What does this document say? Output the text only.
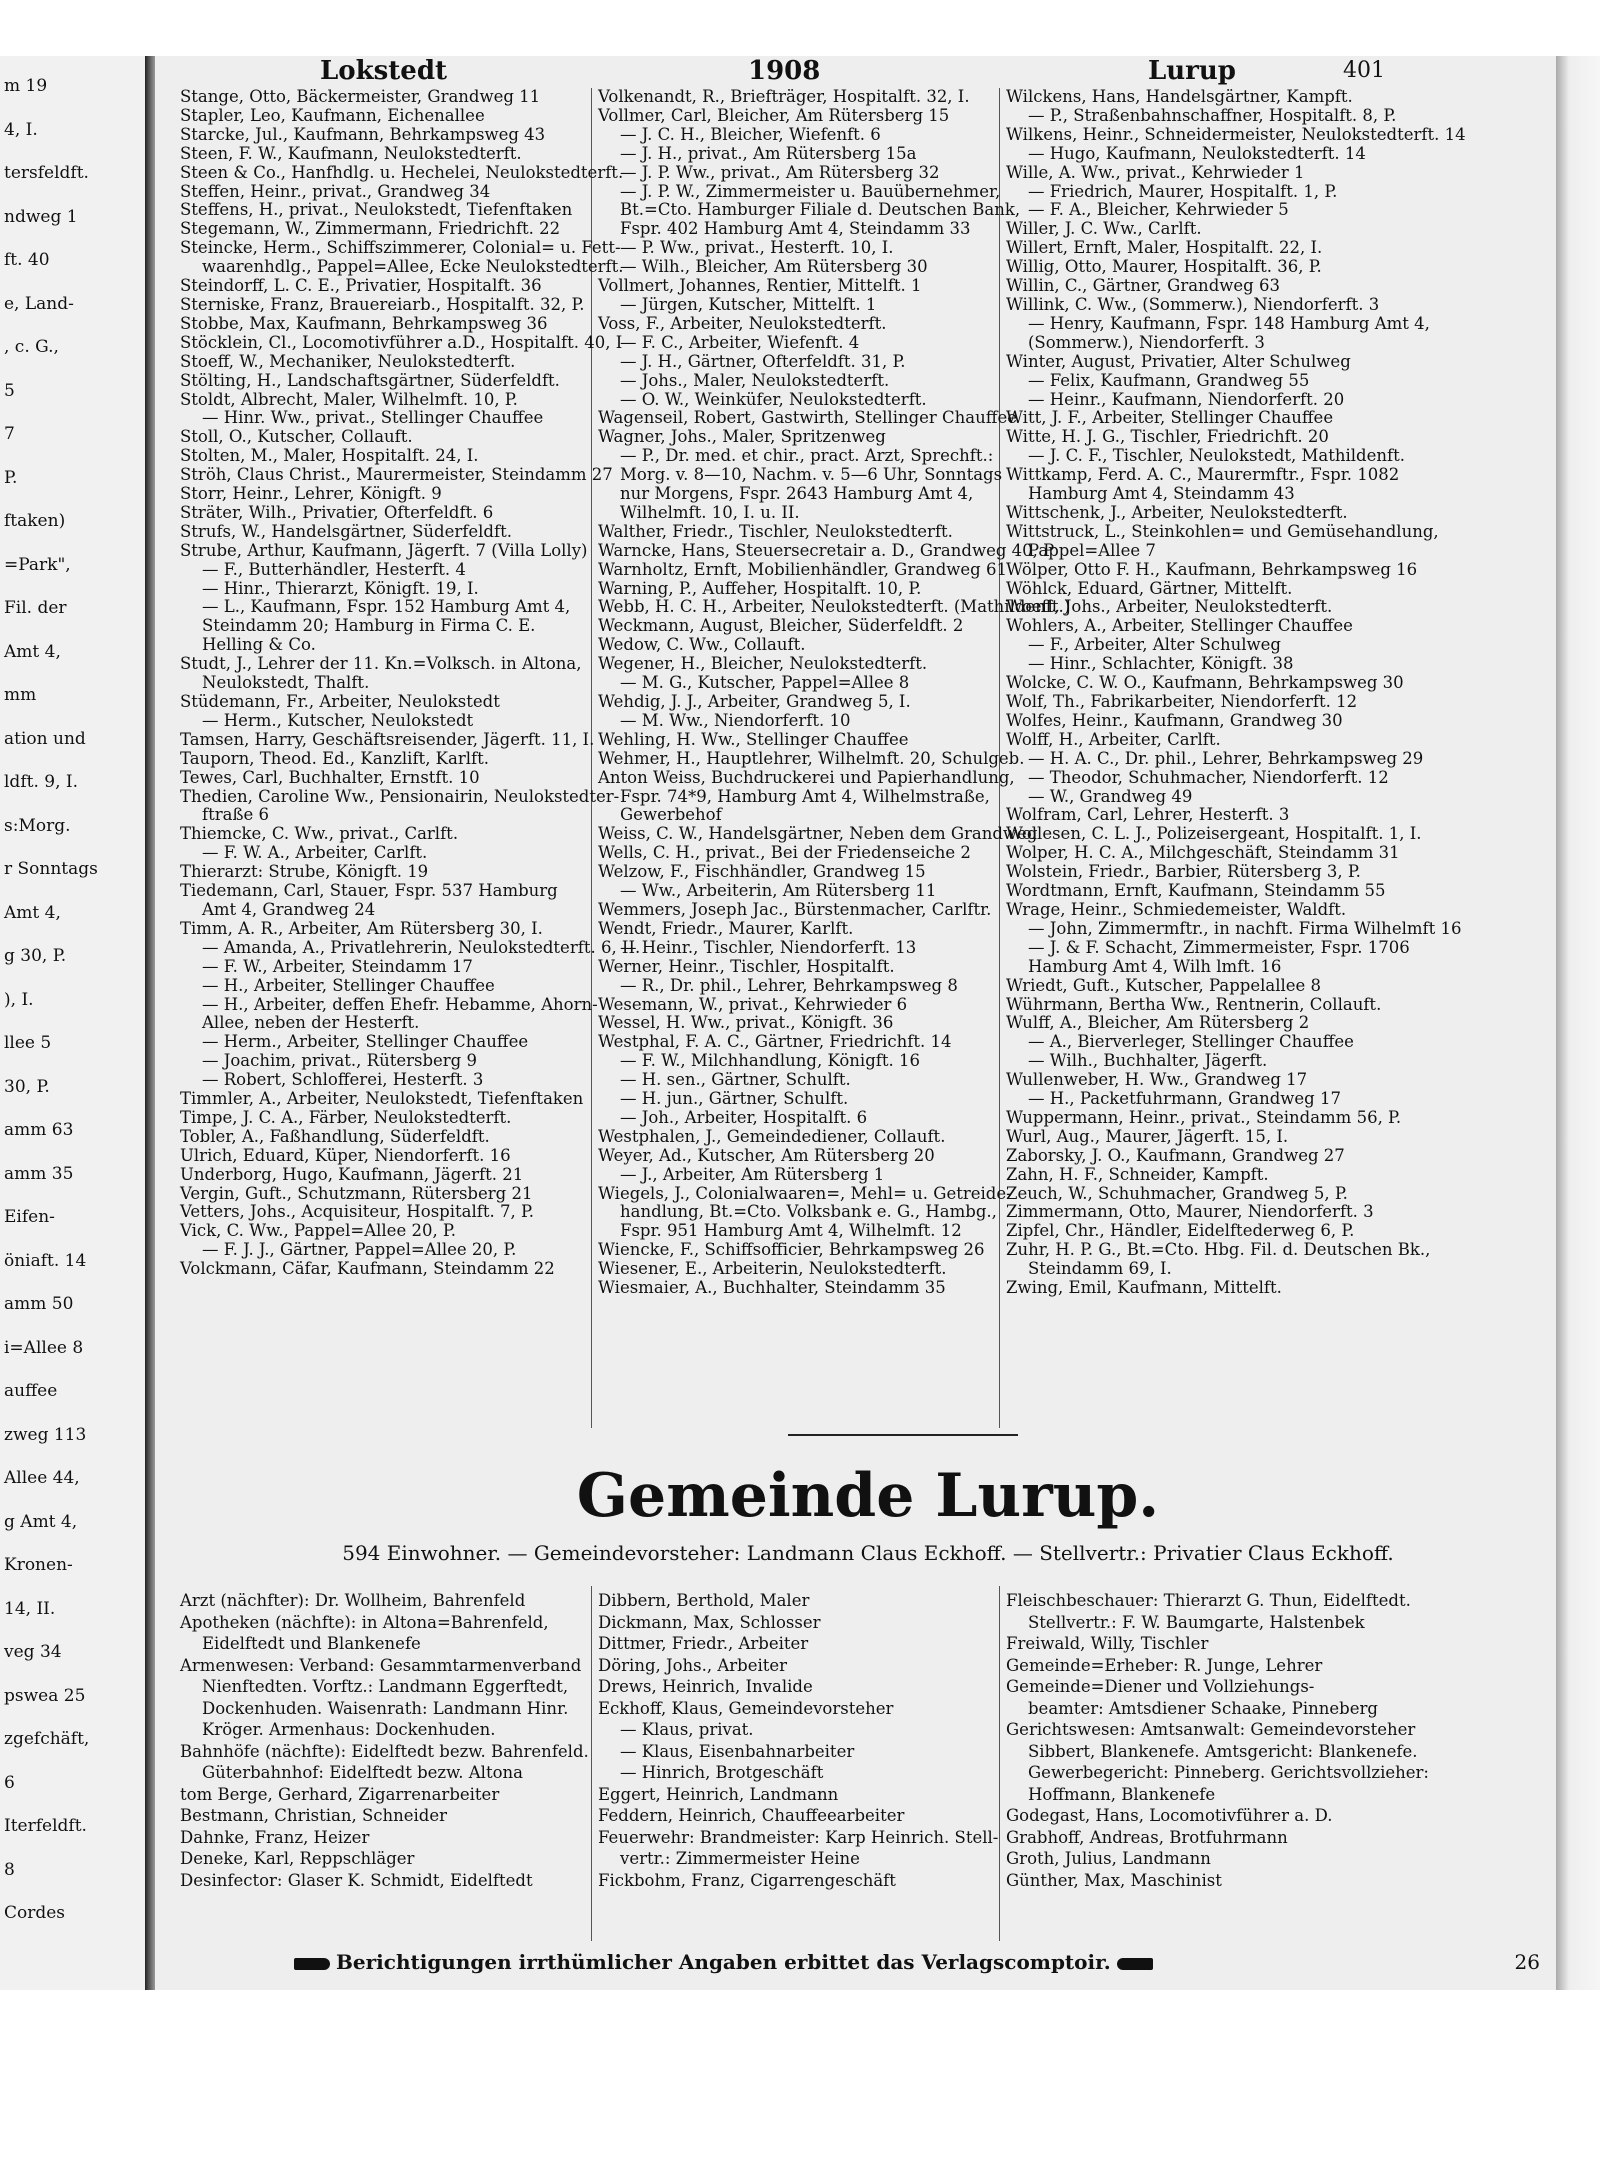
m 19
4, I.
tersfeldft.
ndweg 1
ft. 40
e, Land-
, c. G.,
5
7
P.
ftaken)
=Park",
Fil. der
Amt 4,
mm
ation und
ldft. 9, I.
s:Morg.
r Sonntags
Amt 4,
g 30, P.
), I.
llee 5
30, P.
amm 63
amm 35
Eifen-
öniaft. 14
amm 50
i=Allee 8
auffee
zweg 113
Allee 44,
g Amt 4,
Kronen-
14, II.
veg 34
pswea 25
zgefchäft,
6
Iterfeldft.
8
Cordes
Lokstedt	1908	Lurup	401
Stange, Otto, Bäckermeister, Grandweg 11
Stapler, Leo, Kaufmann, Eichenallee
Starcke, Jul., Kaufmann, Behrkampsweg 43
Steen, F. W., Kaufmann, Neulokstedterft.
Steen & Co., Hanfhdlg. u. Hechelei, Neulokstedterft.
Steffen, Heinr., privat., Grandweg 34
Steffens, H., privat., Neulokstedt, Tiefenftaken
Stegemann, W., Zimmermann, Friedrichft. 22
Steincke, Herm., Schiffszimmerer, Colonial= u. Fett-
waarenhdlg., Pappel=Allee, Ecke Neulokstedterft.
Steindorff, L. C. E., Privatier, Hospitalft. 36
Sterniske, Franz, Brauereiarb., Hospitalft. 32, P.
Stobbe, Max, Kaufmann, Behrkampsweg 36
Stöcklein, Cl., Locomotivführer a.D., Hospitalft. 40, I
Stoeff, W., Mechaniker, Neulokstedterft.
Stölting, H., Landschaftsgärtner, Süderfeldft.
Stoldt, Albrecht, Maler, Wilhelmft. 10, P.
— Hinr. Ww., privat., Stellinger Chauffee
Stoll, O., Kutscher, Collauft.
Stolten, M., Maler, Hospitalft. 24, I.
Ströh, Claus Christ., Maurermeister, Steindamm 27
Storr, Heinr., Lehrer, Königft. 9
Sträter, Wilh., Privatier, Ofterfeldft. 6
Strufs, W., Handelsgärtner, Süderfeldft.
Strube, Arthur, Kaufmann, Jägerft. 7 (Villa Lolly)
— F., Butterhändler, Hesterft. 4
— Hinr., Thierarzt, Königft. 19, I.
— L., Kaufmann, Fspr. 152 Hamburg Amt 4,
Steindamm 20; Hamburg in Firma C. E.
Helling & Co.
Studt, J., Lehrer der 11. Kn.=Volksch. in Altona,
Neulokstedt, Thalft.
Stüdemann, Fr., Arbeiter, Neulokstedt
— Herm., Kutscher, Neulokstedt
Tamsen, Harry, Geschäftsreisender, Jägerft. 11, I.
Tauporn, Theod. Ed., Kanzlift, Karlft.
Tewes, Carl, Buchhalter, Ernstft. 10
Thedien, Caroline Ww., Pensionairin, Neulokstedter-
ftraße 6
Thiemcke, C. Ww., privat., Carlft.
— F. W. A., Arbeiter, Carlft.
Thierarzt: Strube, Königft. 19
Tiedemann, Carl, Stauer, Fspr. 537 Hamburg
Amt 4, Grandweg 24
Timm, A. R., Arbeiter, Am Rütersberg 30, I.
— Amanda, A., Privatlehrerin, Neulokstedterft. 6, II.
— F. W., Arbeiter, Steindamm 17
— H., Arbeiter, Stellinger Chauffee
— H., Arbeiter, deffen Ehefr. Hebamme, Ahorn-
Allee, neben der Hesterft.
— Herm., Arbeiter, Stellinger Chauffee
— Joachim, privat., Rütersberg 9
— Robert, Schlofferei, Hesterft. 3
Timmler, A., Arbeiter, Neulokstedt, Tiefenftaken
Timpe, J. C. A., Färber, Neulokstedterft.
Tobler, A., Faßhandlung, Süderfeldft.
Ulrich, Eduard, Küper, Niendorferft. 16
Underborg, Hugo, Kaufmann, Jägerft. 21
Vergin, Guft., Schutzmann, Rütersberg 21
Vetters, Johs., Acquisiteur, Hospitalft. 7, P.
Vick, C. Ww., Pappel=Allee 20, P.
— F. J. J., Gärtner, Pappel=Allee 20, P.
Volckmann, Cäfar, Kaufmann, Steindamm 22
Volkenandt, R., Briefträger, Hospitalft. 32, I.
Vollmer, Carl, Bleicher, Am Rütersberg 15
— J. C. H., Bleicher, Wiefenft. 6
— J. H., privat., Am Rütersberg 15a
— J. P. Ww., privat., Am Rütersberg 32
— J. P. W., Zimmermeister u. Bauübernehmer,
Bt.=Cto. Hamburger Filiale d. Deutschen Bank,
Fspr. 402 Hamburg Amt 4, Steindamm 33
— P. Ww., privat., Hesterft. 10, I.
— Wilh., Bleicher, Am Rütersberg 30
Vollmert, Johannes, Rentier, Mittelft. 1
— Jürgen, Kutscher, Mittelft. 1
Voss, F., Arbeiter, Neulokstedterft.
— F. C., Arbeiter, Wiefenft. 4
— J. H., Gärtner, Ofterfeldft. 31, P.
— Johs., Maler, Neulokstedterft.
— O. W., Weinküfer, Neulokstedterft.
Wagenseil, Robert, Gastwirth, Stellinger Chauffee
Wagner, Johs., Maler, Spritzenweg
— P., Dr. med. et chir., pract. Arzt, Sprechft.:
Morg. v. 8—10, Nachm. v. 5—6 Uhr, Sonntags
nur Morgens, Fspr. 2643 Hamburg Amt 4,
Wilhelmft. 10, I. u. II.
Walther, Friedr., Tischler, Neulokstedterft.
Warncke, Hans, Steuersecretair a. D., Grandweg 40, P
Warnholtz, Ernft, Mobilienhändler, Grandweg 61
Warning, P., Auffeher, Hospitalft. 10, P.
Webb, H. C. H., Arbeiter, Neulokstedterft. (Mathildenft.)
Weckmann, August, Bleicher, Süderfeldft. 2
Wedow, C. Ww., Collauft.
Wegener, H., Bleicher, Neulokstedterft.
— M. G., Kutscher, Pappel=Allee 8
Wehdig, J. J., Arbeiter, Grandweg 5, I.
— M. Ww., Niendorferft. 10
Wehling, H. Ww., Stellinger Chauffee
Wehmer, H., Hauptlehrer, Wilhelmft. 20, Schulgeb.
Anton Weiss, Buchdruckerei und Papierhandlung,
Fspr. 74*9, Hamburg Amt 4, Wilhelmstraße,
Gewerbehof
Weiss, C. W., Handelsgärtner, Neben dem Grandweg
Wells, C. H., privat., Bei der Friedenseiche 2
Welzow, F., Fischhändler, Grandweg 15
— Ww., Arbeiterin, Am Rütersberg 11
Wemmers, Joseph Jac., Bürstenmacher, Carlftr.
Wendt, Friedr., Maurer, Karlft.
— Heinr., Tischler, Niendorferft. 13
Werner, Heinr., Tischler, Hospitalft.
— R., Dr. phil., Lehrer, Behrkampsweg 8
Wesemann, W., privat., Kehrwieder 6
Wessel, H. Ww., privat., Königft. 36
Westphal, F. A. C., Gärtner, Friedrichft. 14
— F. W., Milchhandlung, Königft. 16
— H. sen., Gärtner, Schulft.
— H. jun., Gärtner, Schulft.
— Joh., Arbeiter, Hospitalft. 6
Westphalen, J., Gemeindediener, Collauft.
Weyer, Ad., Kutscher, Am Rütersberg 20
— J., Arbeiter, Am Rütersberg 1
Wiegels, J., Colonialwaaren=, Mehl= u. Getreide-
handlung, Bt.=Cto. Volksbank e. G., Hambg.,
Fspr. 951 Hamburg Amt 4, Wilhelmft. 12
Wiencke, F., Schiffsofficier, Behrkampsweg 26
Wiesener, E., Arbeiterin, Neulokstedterft.
Wiesmaier, A., Buchhalter, Steindamm 35
Wilckens, Hans, Handelsgärtner, Kampft.
— P., Straßenbahnschaffner, Hospitalft. 8, P.
Wilkens, Heinr., Schneidermeister, Neulokstedterft. 14
— Hugo, Kaufmann, Neulokstedterft. 14
Wille, A. Ww., privat., Kehrwieder 1
— Friedrich, Maurer, Hospitalft. 1, P.
— F. A., Bleicher, Kehrwieder 5
Willer, J. C. Ww., Carlft.
Willert, Ernft, Maler, Hospitalft. 22, I.
Willig, Otto, Maurer, Hospitalft. 36, P.
Willin, C., Gärtner, Grandweg 63
Willink, C. Ww., (Sommerw.), Niendorferft. 3
— Henry, Kaufmann, Fspr. 148 Hamburg Amt 4,
(Sommerw.), Niendorferft. 3
Winter, August, Privatier, Alter Schulweg
— Felix, Kaufmann, Grandweg 55
— Heinr., Kaufmann, Niendorferft. 20
Witt, J. F., Arbeiter, Stellinger Chauffee
Witte, H. J. G., Tischler, Friedrichft. 20
— J. C. F., Tischler, Neulokstedt, Mathildenft.
Wittkamp, Ferd. A. C., Maurermftr., Fspr. 1082
Hamburg Amt 4, Steindamm 43
Wittschenk, J., Arbeiter, Neulokstedterft.
Wittstruck, L., Steinkohlen= und Gemüsehandlung,
Pappel=Allee 7
Wölper, Otto F. H., Kaufmann, Behrkampsweg 16
Wöhlck, Eduard, Gärtner, Mittelft.
Woeft, Johs., Arbeiter, Neulokstedterft.
Wohlers, A., Arbeiter, Stellinger Chauffee
— F., Arbeiter, Alter Schulweg
— Hinr., Schlachter, Königft. 38
Wolcke, C. W. O., Kaufmann, Behrkampsweg 30
Wolf, Th., Fabrikarbeiter, Niendorferft. 12
Wolfes, Heinr., Kaufmann, Grandweg 30
Wolff, H., Arbeiter, Carlft.
— H. A. C., Dr. phil., Lehrer, Behrkampsweg 29
— Theodor, Schuhmacher, Niendorferft. 12
— W., Grandweg 49
Wolfram, Carl, Lehrer, Hesterft. 3
Wollesen, C. L. J., Polizeisergeant, Hospitalft. 1, I.
Wolper, H. C. A., Milchgeschäft, Steindamm 31
Wolstein, Friedr., Barbier, Rütersberg 3, P.
Wordtmann, Ernft, Kaufmann, Steindamm 55
Wrage, Heinr., Schmiedemeister, Waldft.
— John, Zimmermftr., in nachft. Firma Wilhelmft 16
— J. & F. Schacht, Zimmermeister, Fspr. 1706
Hamburg Amt 4, Wilh lmft. 16
Wriedt, Guft., Kutscher, Pappelallee 8
Wührmann, Bertha Ww., Rentnerin, Collauft.
Wulff, A., Bleicher, Am Rütersberg 2
— A., Bierverleger, Stellinger Chauffee
— Wilh., Buchhalter, Jägerft.
Wullenweber, H. Ww., Grandweg 17
— H., Packetfuhrmann, Grandweg 17
Wuppermann, Heinr., privat., Steindamm 56, P.
Wurl, Aug., Maurer, Jägerft. 15, I.
Zaborsky, J. O., Kaufmann, Grandweg 27
Zahn, H. F., Schneider, Kampft.
Zeuch, W., Schuhmacher, Grandweg 5, P.
Zimmermann, Otto, Maurer, Niendorferft. 3
Zipfel, Chr., Händler, Eidelftederweg 6, P.
Zuhr, H. P. G., Bt.=Cto. Hbg. Fil. d. Deutschen Bk.,
Steindamm 69, I.
Zwing, Emil, Kaufmann, Mittelft.
Gemeinde Lurup.
594 Einwohner. — Gemeindevorsteher: Landmann Claus Eckhoff. — Stellvertr.: Privatier Claus Eckhoff.
Arzt (nächfter): Dr. Wollheim, Bahrenfeld
Apotheken (nächfte): in Altona=Bahrenfeld,
Eidelftedt und Blankenefe
Armenwesen: Verband: Gesammtarmenverband
Nienftedten. Vorftz.: Landmann Eggerftedt,
Dockenhuden. Waisenrath: Landmann Hinr.
Kröger. Armenhaus: Dockenhuden.
Bahnhöfe (nächfte): Eidelftedt bezw. Bahrenfeld.
Güterbahnhof: Eidelftedt bezw. Altona
tom Berge, Gerhard, Zigarrenarbeiter
Bestmann, Christian, Schneider
Dahnke, Franz, Heizer
Deneke, Karl, Reppschläger
Desinfector: Glaser K. Schmidt, Eidelftedt
Dibbern, Berthold, Maler
Dickmann, Max, Schlosser
Dittmer, Friedr., Arbeiter
Döring, Johs., Arbeiter
Drews, Heinrich, Invalide
Eckhoff, Klaus, Gemeindevorsteher
— Klaus, privat.
— Klaus, Eisenbahnarbeiter
— Hinrich, Brotgeschäft
Eggert, Heinrich, Landmann
Feddern, Heinrich, Chauffeearbeiter
Feuerwehr: Brandmeister: Karp Heinrich. Stell-
vertr.: Zimmermeister Heine
Fickbohm, Franz, Cigarrengeschäft
Fleischbeschauer: Thierarzt G. Thun, Eidelftedt.
Stellvertr.: F. W. Baumgarte, Halstenbek
Freiwald, Willy, Tischler
Gemeinde=Erheber: R. Junge, Lehrer
Gemeinde=Diener und Vollziehungs-
beamter: Amtsdiener Schaake, Pinneberg
Gerichtswesen: Amtsanwalt: Gemeindevorsteher
Sibbert, Blankenefe. Amtsgericht: Blankenefe.
Gewerbegericht: Pinneberg. Gerichtsvollzieher:
Hoffmann, Blankenefe
Godegast, Hans, Locomotivführer a. D.
Grabhoff, Andreas, Brotfuhrmann
Groth, Julius, Landmann
Günther, Max, Maschinist
Berichtigungen irrthümlicher Angaben erbittet das Verlagscomptoir.	26
